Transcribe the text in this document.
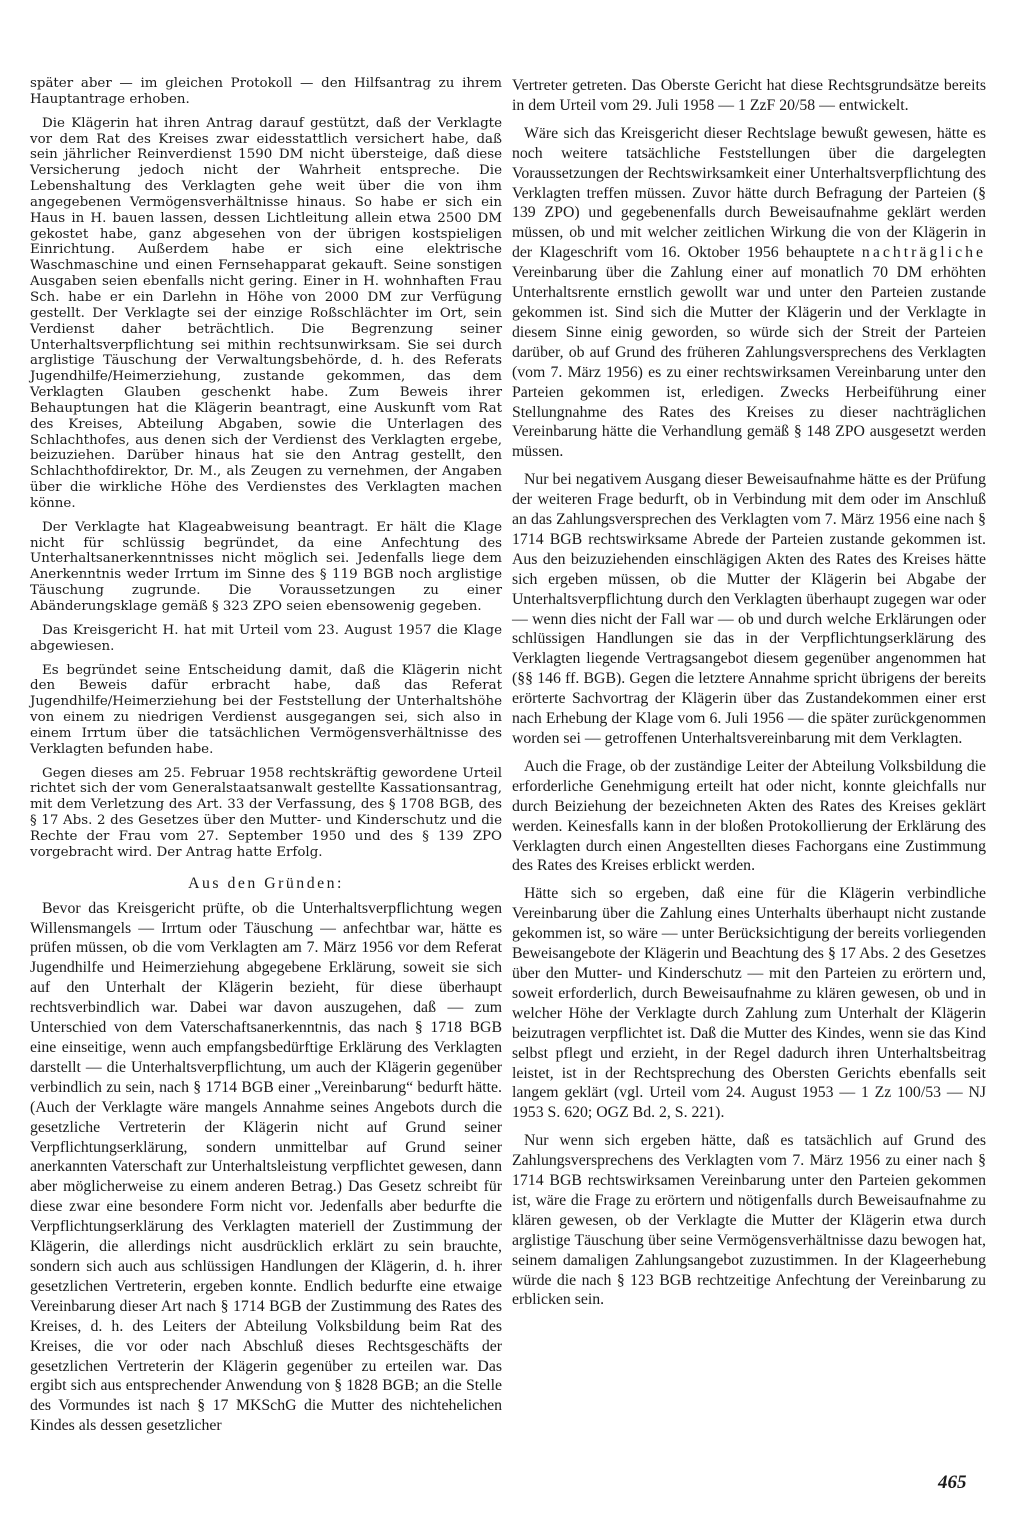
später aber — im gleichen Protokoll — den Hilfsantrag zu ihrem Hauptantrage erhoben.

Die Klägerin hat ihren Antrag darauf gestützt, daß der Verklagte vor dem Rat des Kreises zwar eidesstattlich versichert habe, daß sein jährlicher Reinverdienst 1590 DM nicht übersteige, daß diese Versicherung jedoch nicht der Wahrheit entspreche. Die Lebenshaltung des Verklagten gehe weit über die von ihm angegebenen Vermögensverhältnisse hinaus. So habe er sich ein Haus in H. bauen lassen, dessen Lichtleitung allein etwa 2500 DM gekostet habe, ganz abgesehen von der übrigen kostspieligen Einrichtung. Außerdem habe er sich eine elektrische Waschmaschine und einen Fernsehapparat gekauft. Seine sonstigen Ausgaben seien ebenfalls nicht gering. Einer in H. wohnhaften Frau Sch. habe er ein Darlehn in Höhe von 2000 DM zur Verfügung gestellt. Der Verklagte sei der einzige Roßschlächter im Ort, sein Verdienst daher beträchtlich. Die Begrenzung seiner Unterhaltsverpflichtung sei mithin rechtsunwirksam. Sie sei durch arglistige Täuschung der Verwaltungsbehörde, d. h. des Referats Jugendhilfe/Heimerziehung, zustande gekommen, das dem Verklagten Glauben geschenkt habe. Zum Beweis ihrer Behauptungen hat die Klägerin beantragt, eine Auskunft vom Rat des Kreises, Abteilung Abgaben, sowie die Unterlagen des Schlachthofes, aus denen sich der Verdienst des Verklagten ergebe, beizuziehen. Darüber hinaus hat sie den Antrag gestellt, den Schlachthofdirektor, Dr. M., als Zeugen zu vernehmen, der Angaben über die wirkliche Höhe des Verdienstes des Verklagten machen könne.

Der Verklagte hat Klageabweisung beantragt. Er hält die Klage nicht für schlüssig begründet, da eine Anfechtung des Unterhaltsanerkenntnisses nicht möglich sei. Jedenfalls liege dem Anerkenntnis weder Irrtum im Sinne des § 119 BGB noch arglistige Täuschung zugrunde. Die Voraussetzungen zu einer Abänderungsklage gemäß § 323 ZPO seien ebensowenig gegeben.

Das Kreisgericht H. hat mit Urteil vom 23. August 1957 die Klage abgewiesen.

Es begründet seine Entscheidung damit, daß die Klägerin nicht den Beweis dafür erbracht habe, daß das Referat Jugendhilfe/Heimerziehung bei der Feststellung der Unterhaltshöhe von einem zu niedrigen Verdienst ausgegangen sei, sich also in einem Irrtum über die tatsächlichen Vermögensverhältnisse des Verklagten befunden habe.

Gegen dieses am 25. Februar 1958 rechtskräftig gewordene Urteil richtet sich der vom Generalstaatsanwalt gestellte Kassationsantrag, mit dem Verletzung des Art. 33 der Verfassung, des § 1708 BGB, des § 17 Abs. 2 des Gesetzes über den Mutter- und Kinderschutz und die Rechte der Frau vom 27. September 1950 und des § 139 ZPO vorgebracht wird. Der Antrag hatte Erfolg.

Aus den Gründen:

Bevor das Kreisgericht prüfte, ob die Unterhaltsverpflichtung wegen Willensmangels — Irrtum oder Täuschung — anfechtbar war, hätte es prüfen müssen, ob die vom Verklagten am 7. März 1956 vor dem Referat Jugendhilfe und Heimerziehung abgegebene Erklärung, soweit sie sich auf den Unterhalt der Klägerin bezieht, für diese überhaupt rechtsverbindlich war. Dabei war davon auszugehen, daß — zum Unterschied von dem Vaterschaftsanerkenntnis, das nach § 1718 BGB eine einseitige, wenn auch empfangsbedürftige Erklärung des Verklagten darstellt — die Unterhaltsverpflichtung, um auch der Klägerin gegenüber verbindlich zu sein, nach § 1714 BGB einer „Vereinbarung“ bedurft hätte. (Auch der Verklagte wäre mangels Annahme seines Angebots durch die gesetzliche Vertreterin der Klägerin nicht auf Grund seiner Verpflichtungserklärung, sondern unmittelbar auf Grund seiner anerkannten Vaterschaft zur Unterhaltsleistung verpflichtet gewesen, dann aber möglicherweise zu einem anderen Betrag.) Das Gesetz schreibt für diese zwar eine besondere Form nicht vor. Jedenfalls aber bedurfte die Verpflichtungserklärung des Verklagten materiell der Zustimmung der Klägerin, die allerdings nicht ausdrücklich erklärt zu sein brauchte, sondern sich auch aus schlüssigen Handlungen der Klägerin, d. h. ihrer gesetzlichen Vertreterin, ergeben konnte. Endlich bedurfte eine etwaige Vereinbarung dieser Art nach § 1714 BGB der Zustimmung des Rates des Kreises, d. h. des Leiters der Abteilung Volksbildung beim Rat des Kreises, die vor oder nach Abschluß dieses Rechtsgeschäfts der gesetzlichen Vertreterin der Klägerin gegenüber zu erteilen war. Das ergibt sich aus entsprechender Anwendung von § 1828 BGB; an die Stelle des Vormundes ist nach § 17 MKSchG die Mutter des nichtehelichen Kindes als dessen gesetzlicher

Vertreter getreten. Das Oberste Gericht hat diese Rechtsgrundsätze bereits in dem Urteil vom 29. Juli 1958 — 1 ZzF 20/58 — entwickelt.

Wäre sich das Kreisgericht dieser Rechtslage bewußt gewesen, hätte es noch weitere tatsächliche Feststellungen über die dargelegten Voraussetzungen der Rechtswirksamkeit einer Unterhaltsverpflichtung des Verklagten treffen müssen. Zuvor hätte durch Befragung der Parteien (§ 139 ZPO) und gegebenenfalls durch Beweisaufnahme geklärt werden müssen, ob und mit welcher zeitlichen Wirkung die von der Klägerin in der Klageschrift vom 16. Oktober 1956 behauptete nachträgliche Vereinbarung über die Zahlung einer auf monatlich 70 DM erhöhten Unterhaltsrente ernstlich gewollt war und unter den Parteien zustande gekommen ist. Sind sich die Mutter der Klägerin und der Verklagte in diesem Sinne einig geworden, so würde sich der Streit der Parteien darüber, ob auf Grund des früheren Zahlungsversprechens des Verklagten (vom 7. März 1956) es zu einer rechtswirksamen Vereinbarung unter den Parteien gekommen ist, erledigen. Zwecks Herbeiführung einer Stellungnahme des Rates des Kreises zu dieser nachträglichen Vereinbarung hätte die Verhandlung gemäß § 148 ZPO ausgesetzt werden müssen.

Nur bei negativem Ausgang dieser Beweisaufnahme hätte es der Prüfung der weiteren Frage bedurft, ob in Verbindung mit dem oder im Anschluß an das Zahlungsversprechen des Verklagten vom 7. März 1956 eine nach § 1714 BGB rechtswirksame Abrede der Parteien zustande gekommen ist. Aus den beizuziehenden einschlägigen Akten des Rates des Kreises hätte sich ergeben müssen, ob die Mutter der Klägerin bei Abgabe der Unterhaltsverpflichtung durch den Verklagten überhaupt zugegen war oder — wenn dies nicht der Fall war — ob und durch welche Erklärungen oder schlüssigen Handlungen sie das in der Verpflichtungserklärung des Verklagten liegende Vertragsangebot diesem gegenüber angenommen hat (§§ 146 ff. BGB). Gegen die letztere Annahme spricht übrigens der bereits erörterte Sachvortrag der Klägerin über das Zustandekommen einer erst nach Erhebung der Klage vom 6. Juli 1956 — die später zurückgenommen worden sei — getroffenen Unterhaltsvereinbarung mit dem Verklagten.

Auch die Frage, ob der zuständige Leiter der Abteilung Volksbildung die erforderliche Genehmigung erteilt hat oder nicht, konnte gleichfalls nur durch Beiziehung der bezeichneten Akten des Rates des Kreises geklärt werden. Keinesfalls kann in der bloßen Protokollierung der Erklärung des Verklagten durch einen Angestellten dieses Fachorgans eine Zustimmung des Rates des Kreises erblickt werden.

Hätte sich so ergeben, daß eine für die Klägerin verbindliche Vereinbarung über die Zahlung eines Unterhalts überhaupt nicht zustande gekommen ist, so wäre — unter Berücksichtigung der bereits vorliegenden Beweisangebote der Klägerin und Beachtung des § 17 Abs. 2 des Gesetzes über den Mutter- und Kinderschutz — mit den Parteien zu erörtern und, soweit erforderlich, durch Beweisaufnahme zu klären gewesen, ob und in welcher Höhe der Verklagte durch Zahlung zum Unterhalt der Klägerin beizutragen verpflichtet ist. Daß die Mutter des Kindes, wenn sie das Kind selbst pflegt und erzieht, in der Regel dadurch ihren Unterhaltsbeitrag leistet, ist in der Rechtsprechung des Obersten Gerichts ebenfalls seit langem geklärt (vgl. Urteil vom 24. August 1953 — 1 Zz 100/53 — NJ 1953 S. 620; OGZ Bd. 2, S. 221).

Nur wenn sich ergeben hätte, daß es tatsächlich auf Grund des Zahlungsversprechens des Verklagten vom 7. März 1956 zu einer nach § 1714 BGB rechtswirksamen Vereinbarung unter den Parteien gekommen ist, wäre die Frage zu erörtern und nötigenfalls durch Beweisaufnahme zu klären gewesen, ob der Verklagte die Mutter der Klägerin etwa durch arglistige Täuschung über seine Vermögensverhältnisse dazu bewogen hat, seinem damaligen Zahlungsangebot zuzustimmen. In der Klageerhebung würde die nach § 123 BGB rechtzeitige Anfechtung der Vereinbarung zu erblicken sein.

465
